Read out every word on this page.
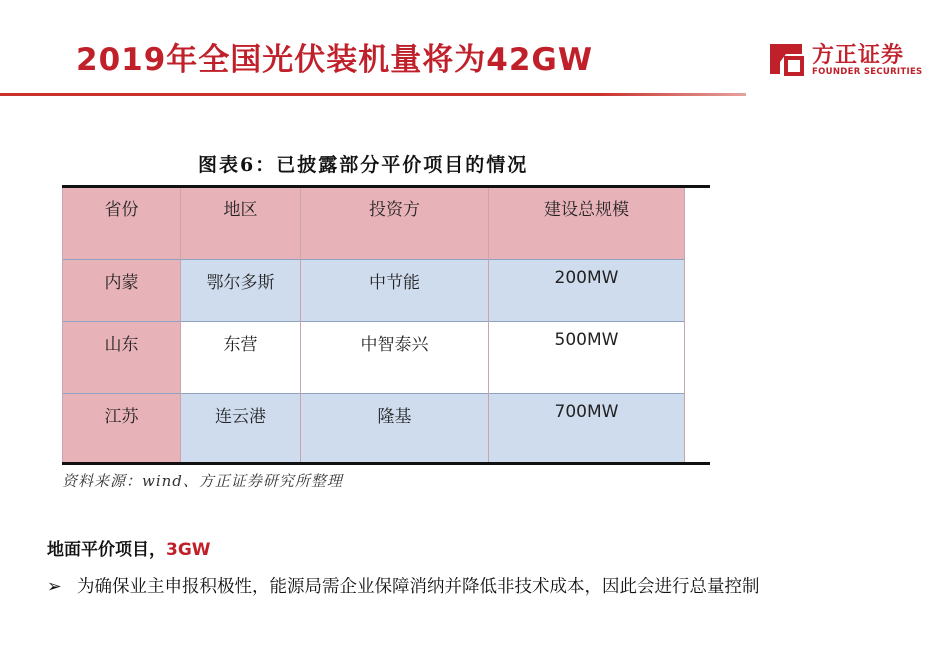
2019年全国光伏装机量将为42GW	方正证券
FOUNDER SECURITIES
图表6：已披露部分平价项目的情况
省份	地区	投资方	建设总规模
内蒙	鄂尔多斯	中节能	200MW
山东	东营	中智泰兴	500MW
江苏	连云港	隆基	700MW
资料来源：wind、方正证券研究所整理
地面平价项目，3GW
➢ 为确保业主申报积极性，能源局需企业保障消纳并降低非技术成本，因此会进行总量控制
